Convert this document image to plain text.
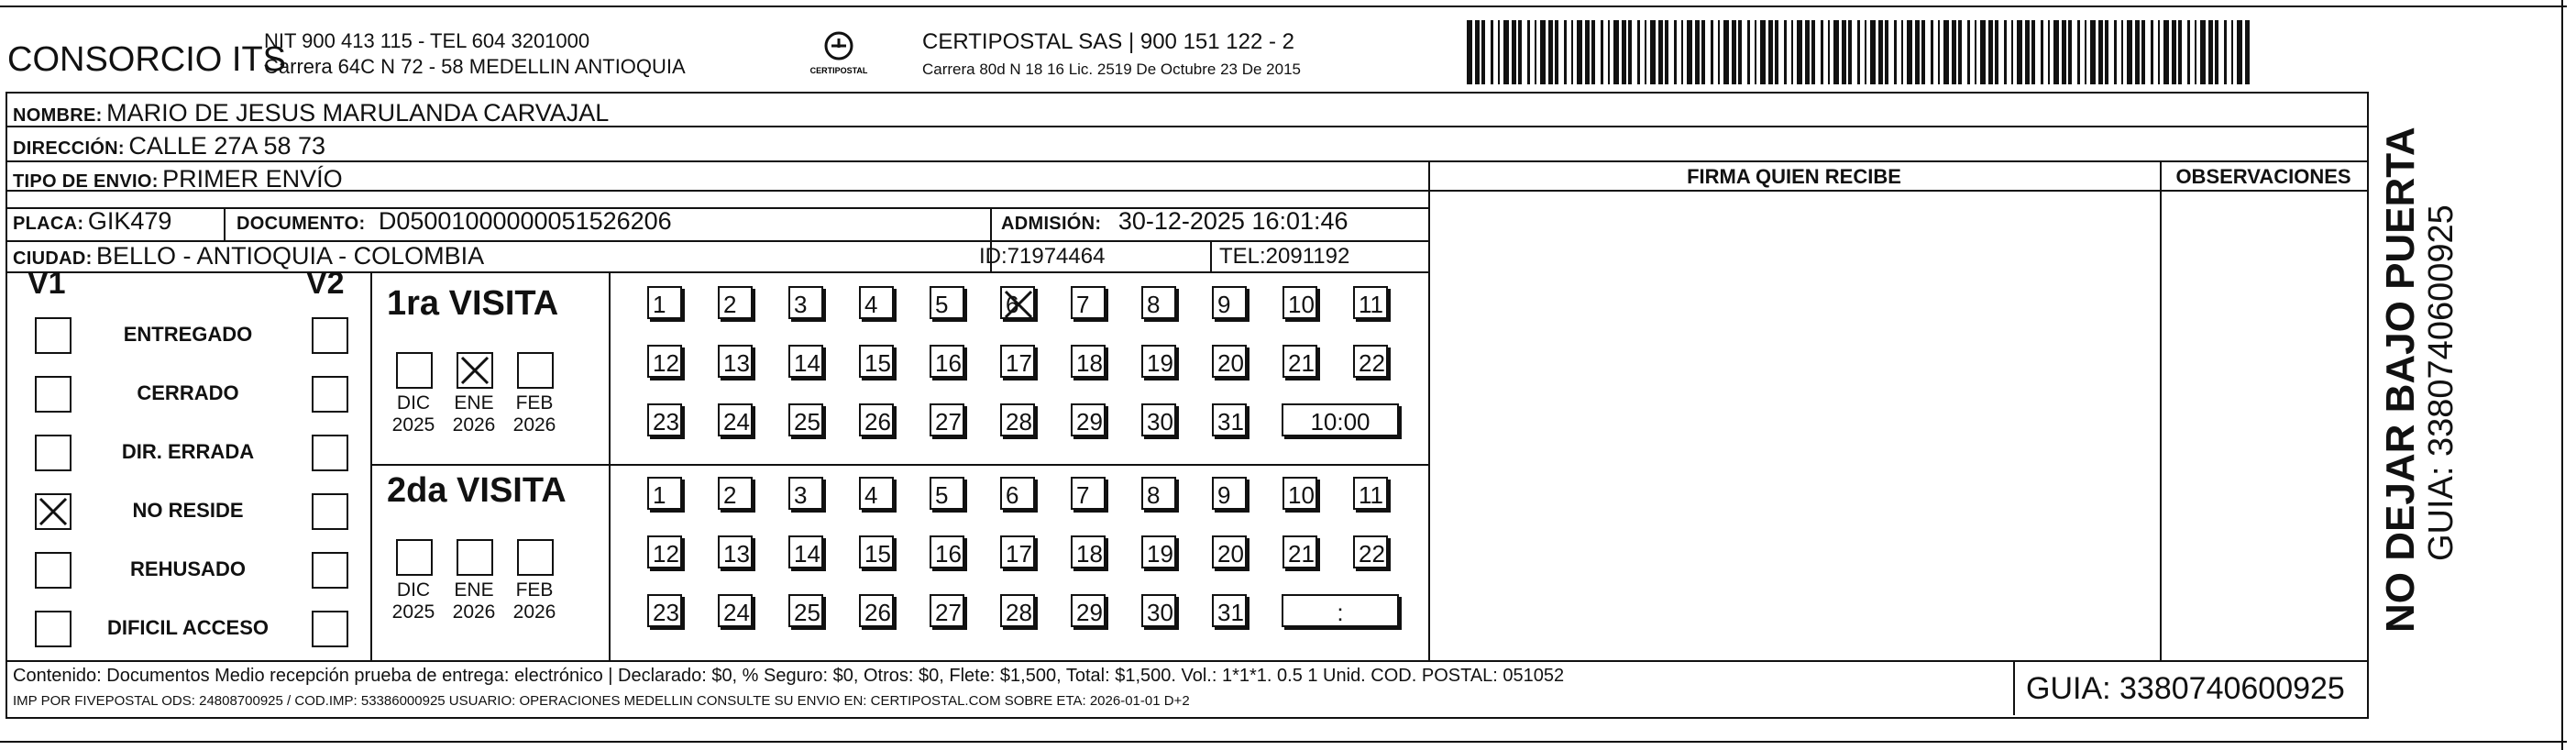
CONSORCIO ITS
NIT 900 413 115 - TEL 604 3201000
Carrera 64C N 72 - 58 MEDELLIN ANTIOQUIA	CERTIPOSTAL
CERTIPOSTAL SAS | 900 151 122 - 2
Carrera 80d N 18 16 Lic. 2519 De Octubre 23 De 2015
NOMBRE: MARIO DE JESUS MARULANDA CARVAJAL
DIRECCIÓN: CALLE 27A 58 73
TIPO DE ENVIO: PRIMER ENVÍO	FIRMA QUIEN RECIBE	OBSERVACIONES
PLACA: GIK479	DOCUMENTO: D05001000000051526206	ADMISIÓN: 30-12-2025 16:01:46
CIUDAD: BELLO - ANTIOQUIA - COLOMBIA	ID:71974464	TEL:2091192
V1	V2
1ra VISITA
2da VISITA
Contenido: Documentos Medio recepción prueba de entrega: electrónico | Declarado: $0, % Seguro: $0, Otros: $0, Flete: $1,500, Total: $1,500. Vol.: 1*1*1. 0.5 1 Unid. COD. POSTAL: 051052
IMP POR FIVEPOSTAL ODS: 24808700925 / COD.IMP: 53386000925 USUARIO: OPERACIONES MEDELLIN CONSULTE SU ENVIO EN: CERTIPOSTAL.COM SOBRE ETA: 2026-01-01 D+2	GUIA: 3380740600925
NO DEJAR BAJO PUERTA GUIA: 3380740600925
ENTREGADO
CERRADO
DIR. ERRADA
NO RESIDE
REHUSADO
DIFICIL ACCESO
DIC 2025
ENE 2026
FEB 2026
DIC 2025
ENE 2026
FEB 2026
1	2	3	4	5	6	7	8	9	10 11
12 13 14 15 16 17 18 19 20 21 22
23 24 25 26 27 28 29 30 31	10:00
1	2	3	4	5	6	7	8	9	10 11
12 13 14 15 16 17 18 19 20 21 22
23 24 25 26 27 28 29 30 31	:
